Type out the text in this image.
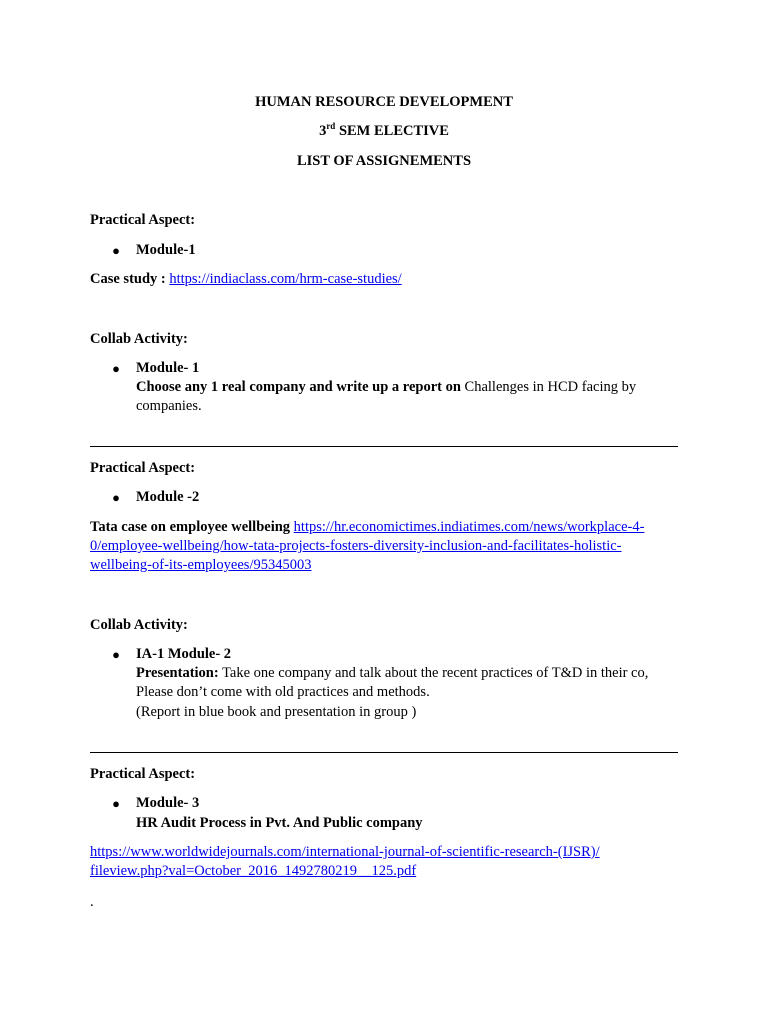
HUMAN RESOURCE DEVELOPMENT
3rd SEM ELECTIVE
LIST OF ASSIGNEMENTS
Practical Aspect:
● Module-1
Case study : https://indiaclass.com/hrm-case-studies/
Collab Activity:
● Module- 1
Choose any 1 real company and write up a report on Challenges in HCD facing by
companies.
Practical Aspect:
● Module -2
Tata case on employee wellbeing https://hr.economictimes.indiatimes.com/news/workplace-4-
0/employee-wellbeing/how-tata-projects-fosters-diversity-inclusion-and-facilitates-holistic-
wellbeing-of-its-employees/95345003
Collab Activity:
● IA-1 Module- 2
Presentation: Take one company and talk about the recent practices of T&D in their co,
Please don’t come with old practices and methods.
(Report in blue book and presentation in group )
Practical Aspect:
● Module- 3
HR Audit Process in Pvt. And Public company
https://www.worldwidejournals.com/international-journal-of-scientific-research-(IJSR)/
fileview.php?val=October_2016_1492780219__125.pdf
.
